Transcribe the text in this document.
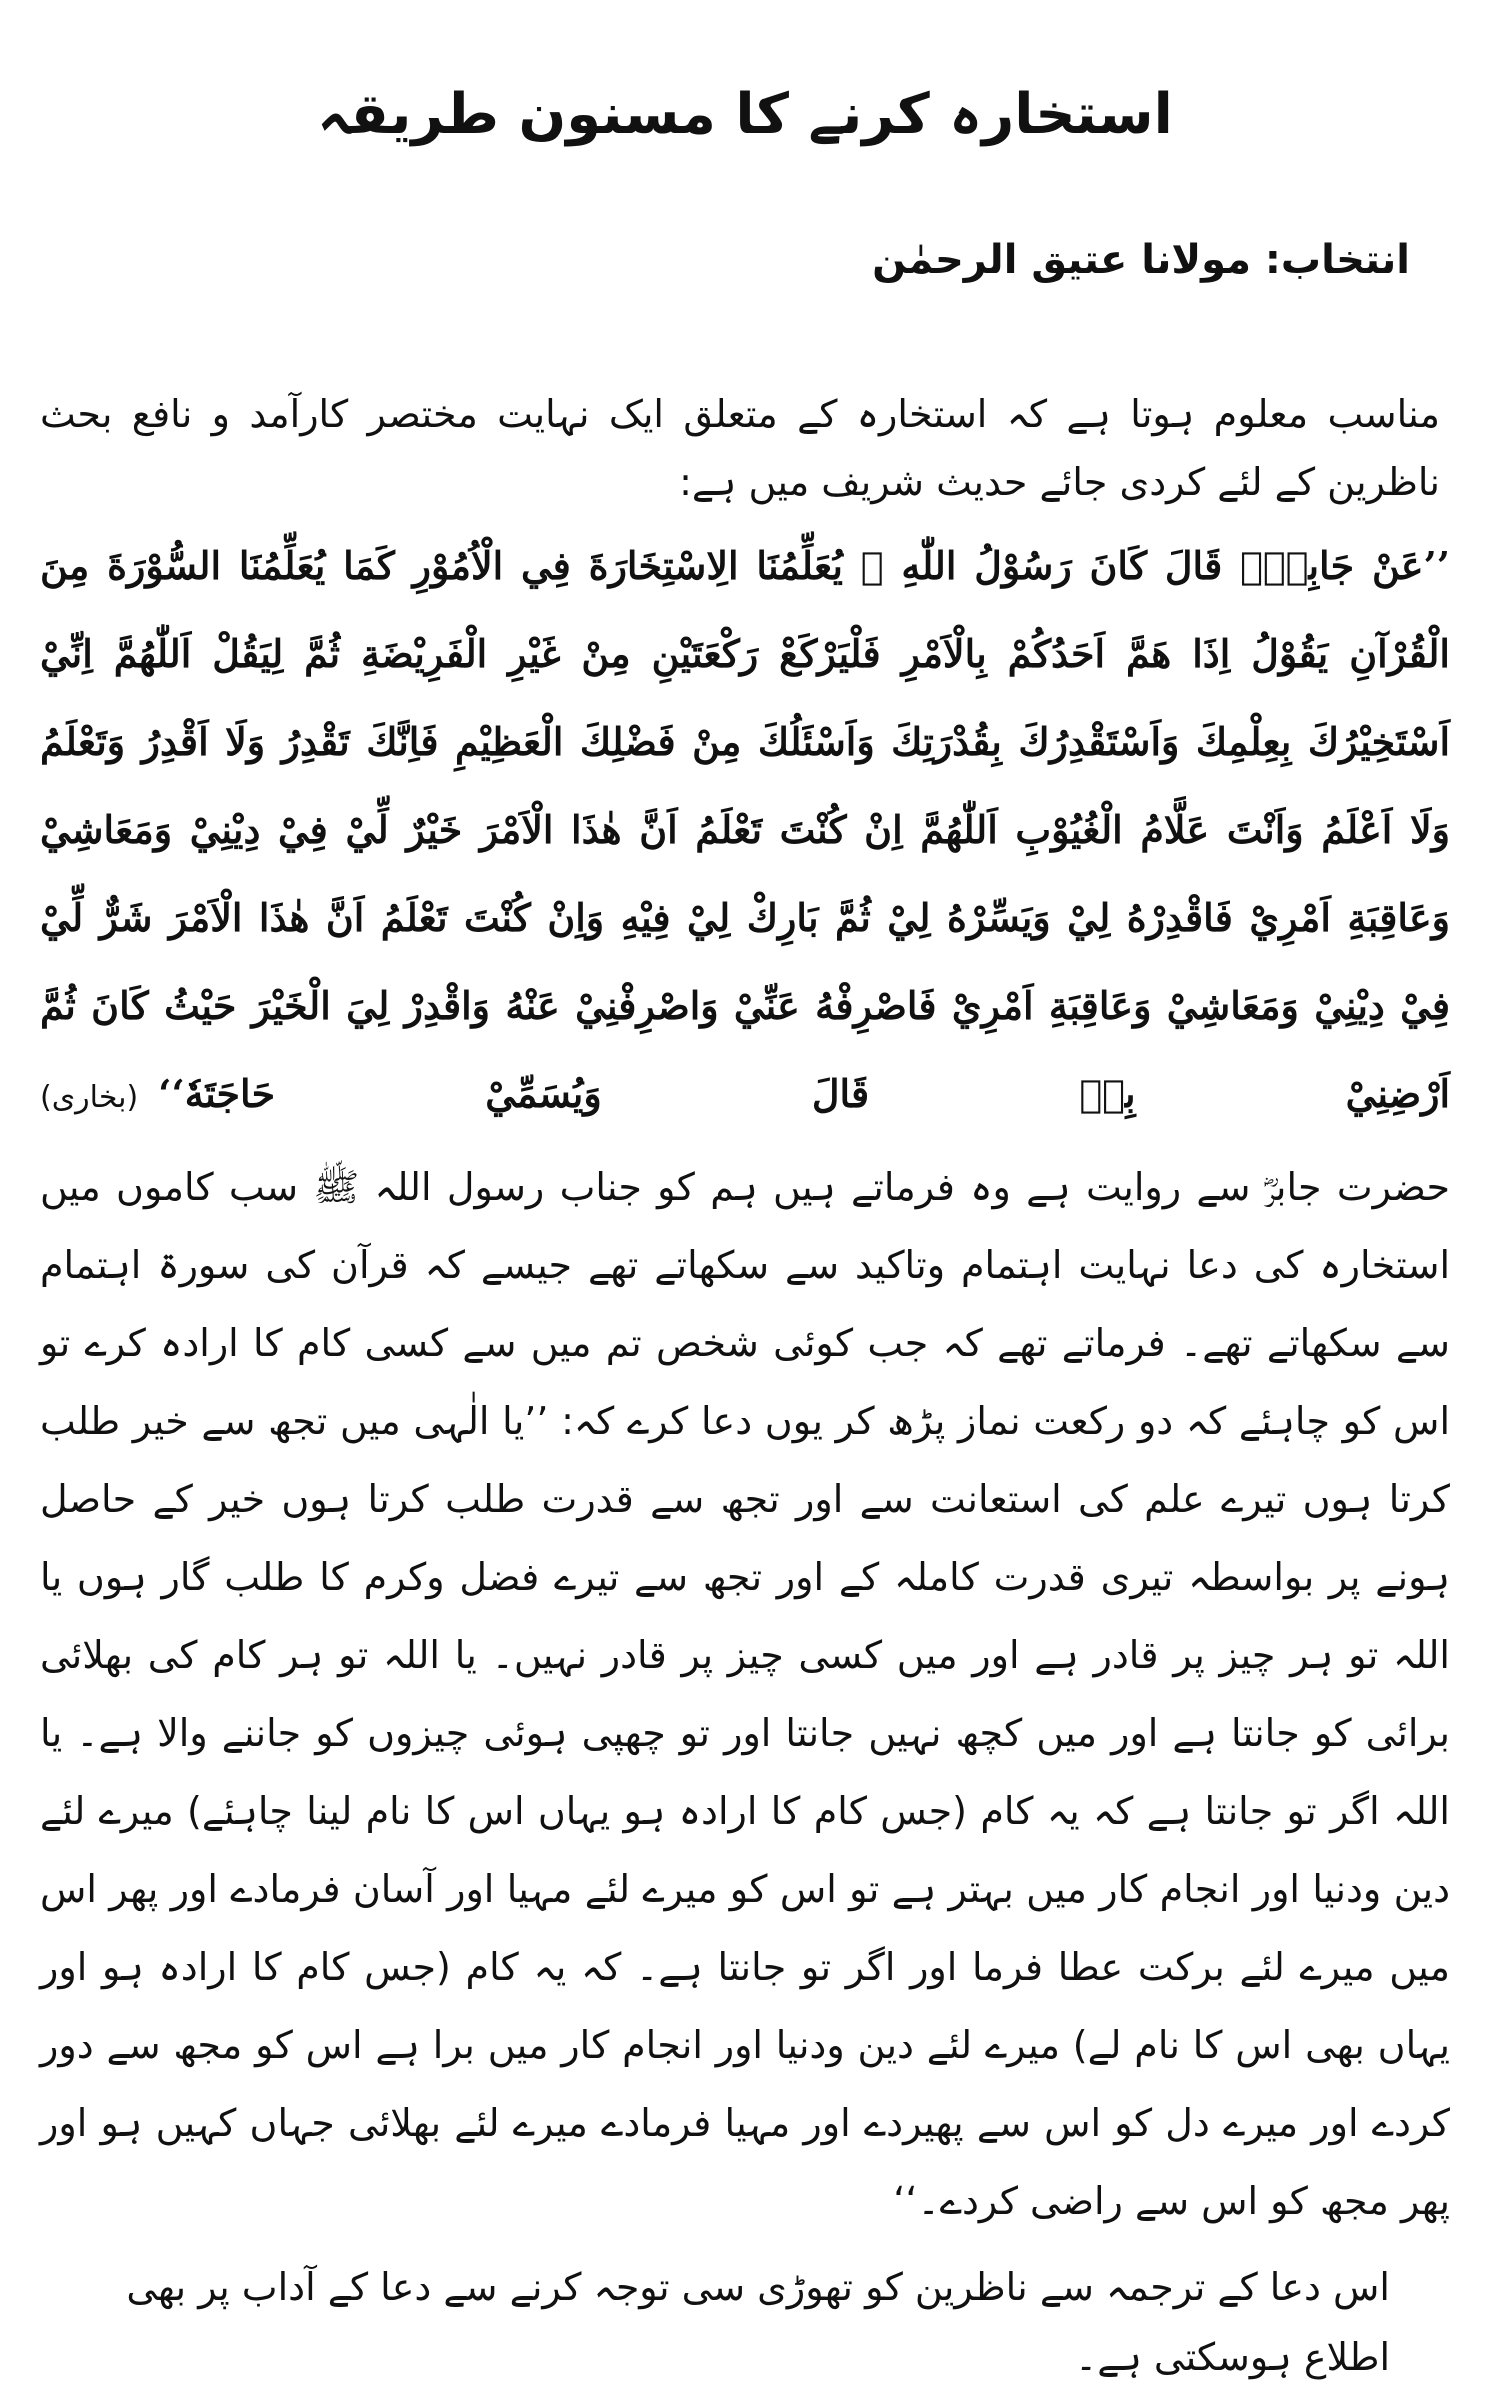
استخارہ کرنے کا مسنون طریقہ
انتخاب: مولانا عتیق الرحمٰن

مناسب معلوم ہوتا ہے کہ استخارہ کے متعلق ایک نہایت مختصر کارآمد و نافع بحث ناظرین کے لئے کردی جائے حدیث شریف میں ہے:

’’عَنْ جَابِرٍؓ قَالَ كَانَ رَسُوْلُ اللّٰهِ ﷺ يُعَلِّمُنَا الِاسْتِخَارَةَ فِي الْاُمُوْرِ كَمَا يُعَلِّمُنَا السُّوْرَةَ مِنَ الْقُرْآنِ يَقُوْلُ اِذَا هَمَّ اَحَدُكُمْ بِالْاَمْرِ فَلْيَرْكَعْ رَكْعَتَيْنِ مِنْ غَيْرِ الْفَرِيْضَةِ ثُمَّ لِيَقُلْ اَللّٰهُمَّ اِنِّيْ اَسْتَخِيْرُكَ بِعِلْمِكَ وَاَسْتَقْدِرُكَ بِقُدْرَتِكَ وَاَسْئَلُكَ مِنْ فَضْلِكَ الْعَظِيْمِ فَاِنَّكَ تَقْدِرُ وَلَا اَقْدِرُ وَتَعْلَمُ وَلَا اَعْلَمُ وَاَنْتَ عَلَّامُ الْغُيُوْبِ اَللّٰهُمَّ اِنْ كُنْتَ تَعْلَمُ اَنَّ هٰذَا الْاَمْرَ خَيْرٌ لِّيْ فِيْ دِيْنِيْ وَمَعَاشِيْ وَعَاقِبَةِ اَمْرِيْ فَاقْدِرْهُ لِيْ وَيَسِّرْهُ لِيْ ثُمَّ بَارِكْ لِيْ فِيْهِ وَاِنْ كُنْتَ تَعْلَمُ اَنَّ هٰذَا الْاَمْرَ شَرٌّ لِّيْ فِيْ دِيْنِيْ وَمَعَاشِيْ وَعَاقِبَةِ اَمْرِيْ فَاصْرِفْهُ عَنِّيْ وَاصْرِفْنِيْ عَنْهُ وَاقْدِرْ لِيَ الْخَيْرَ حَيْثُ كَانَ ثُمَّ اَرْضِنِيْ بِهٖ قَالَ وَيُسَمِّيْ حَاجَتَهٗ‘‘(بخاری)

حضرت جابرؓ سے روایت ہے وہ فرماتے ہیں ہم کو جناب رسول اللہ ﷺ سب کاموں میں استخارہ کی دعا نہایت اہتمام وتاکید سے سکھاتے تھے جیسے کہ قرآن کی سورۃ اہتمام سے سکھاتے تھے۔ فرماتے تھے کہ جب کوئی شخص تم میں سے کسی کام کا ارادہ کرے تو اس کو چاہئے کہ دو رکعت نماز پڑھ کر یوں دعا کرے کہ: ’’یا الٰہی میں تجھ سے خیر طلب کرتا ہوں تیرے علم کی استعانت سے اور تجھ سے قدرت طلب کرتا ہوں خیر کے حاصل ہونے پر بواسطہ تیری قدرت کاملہ کے اور تجھ سے تیرے فضل وکرم کا طلب گار ہوں یا اللہ تو ہر چیز پر قادر ہے اور میں کسی چیز پر قادر نہیں۔ یا اللہ تو ہر کام کی بھلائی برائی کو جانتا ہے اور میں کچھ نہیں جانتا اور تو چھپی ہوئی چیزوں کو جاننے والا ہے۔ یا اللہ اگر تو جانتا ہے کہ یہ کام (جس کام کا ارادہ ہو یہاں اس کا نام لینا چاہئے) میرے لئے دین ودنیا اور انجام کار میں بہتر ہے تو اس کو میرے لئے مہیا اور آسان فرمادے اور پھر اس میں میرے لئے برکت عطا فرما اور اگر تو جانتا ہے۔ کہ یہ کام (جس کام کا ارادہ ہو اور یہاں بھی اس کا نام لے) میرے لئے دین ودنیا اور انجام کار میں برا ہے اس کو مجھ سے دور کردے اور میرے دل کو اس سے پھیردے اور مہیا فرمادے میرے لئے بھلائی جہاں کہیں ہو اور پھر مجھ کو اس سے راضی کردے۔‘‘

اس دعا کے ترجمہ سے ناظرین کو تھوڑی سی توجہ کرنے سے دعا کے آداب پر بھی اطلاع ہوسکتی ہے۔
